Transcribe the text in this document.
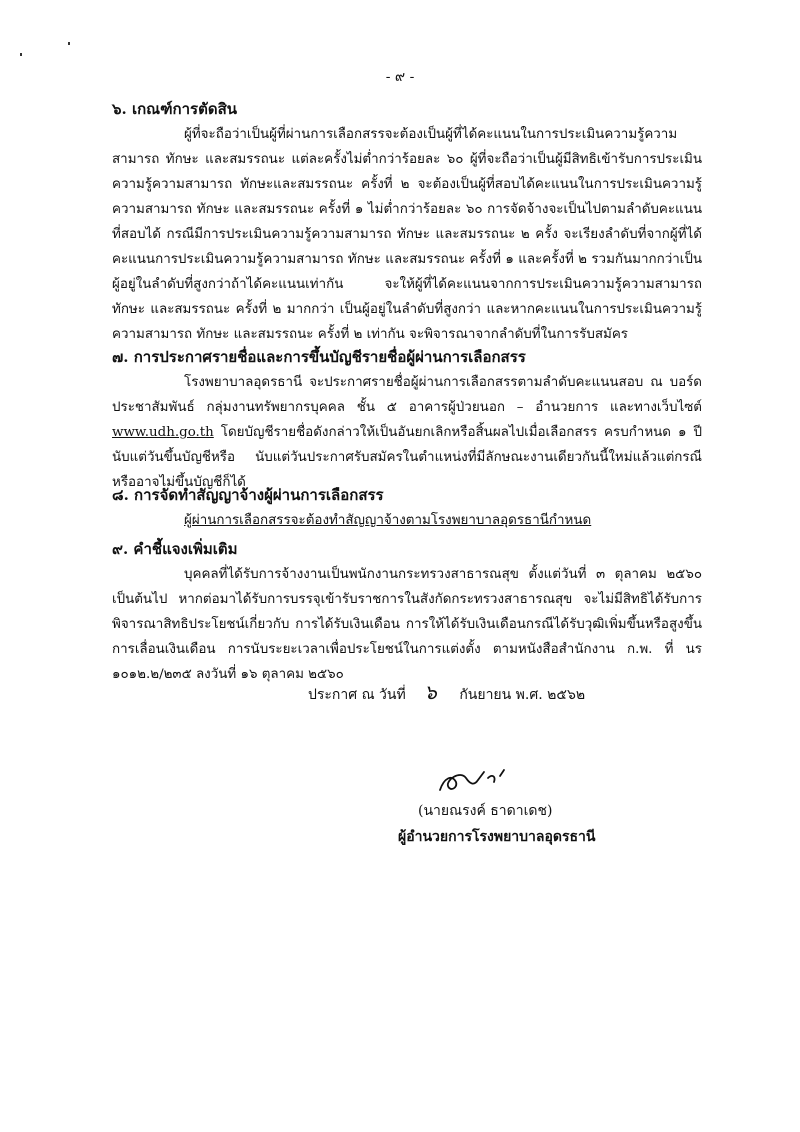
- ๙ -

๖. เกณฑ์การตัดสิน

ผู้ที่จะถือว่าเป็นผู้ที่ผ่านการเลือกสรรจะต้องเป็นผู้ที่ได้คะแนนในการประเมินความรู้ความสามารถ ทักษะ และสมรรถนะ แต่ละครั้งไม่ต่ำกว่าร้อยละ ๖๐ ผู้ที่จะถือว่าเป็นผู้มีสิทธิเข้ารับการประเมินความรู้ความสามารถ ทักษะและสมรรถนะ ครั้งที่ ๒ จะต้องเป็นผู้ที่สอบได้คะแนนในการประเมินความรู้ความสามารถ ทักษะ และสมรรถนะ ครั้งที่ ๑ ไม่ต่ำกว่าร้อยละ ๖๐ การจัดจ้างจะเป็นไปตามลำดับคะแนนที่สอบได้ กรณีมีการประเมินความรู้ความสามารถ ทักษะ และสมรรถนะ ๒ ครั้ง จะเรียงลำดับที่จากผู้ที่ได้คะแนนการประเมินความรู้ความสามารถ ทักษะ และสมรรถนะ ครั้งที่ ๑ และครั้งที่ ๒ รวมกันมากกว่าเป็นผู้อยู่ในลำดับที่สูงกว่าถ้าได้คะแนนเท่ากัน จะให้ผู้ที่ได้คะแนนจากการประเมินความรู้ความสามารถ ทักษะ และสมรรถนะ ครั้งที่ ๒ มากกว่า เป็นผู้อยู่ในลำดับที่สูงกว่า และหากคะแนนในการประเมินความรู้ความสามารถ ทักษะ และสมรรถนะ ครั้งที่ ๒ เท่ากัน จะพิจารณาจากลำดับที่ในการรับสมัคร

๗. การประกาศรายชื่อและการขึ้นบัญชีรายชื่อผู้ผ่านการเลือกสรร

โรงพยาบาลอุดรธานี จะประกาศรายชื่อผู้ผ่านการเลือกสรรตามลำดับคะแนนสอบ ณ บอร์ดประชาสัมพันธ์ กลุ่มงานทรัพยากรบุคคล ชั้น ๕ อาคารผู้ป่วยนอก – อำนวยการ และทางเว็บไซต์ www.udh.go.th โดยบัญชีรายชื่อดังกล่าวให้เป็นอันยกเลิกหรือสิ้นผลไปเมื่อเลือกสรร ครบกำหนด ๑ ปี นับแต่วันขึ้นบัญชีหรือ นับแต่วันประกาศรับสมัครในตำแหน่งที่มีลักษณะงานเดียวกันนี้ใหม่แล้วแต่กรณี หรืออาจไม่ขึ้นบัญชีก็ได้

๘. การจัดทำสัญญาจ้างผู้ผ่านการเลือกสรร

ผู้ผ่านการเลือกสรรจะต้องทำสัญญาจ้างตามโรงพยาบาลอุดรธานีกำหนด

๙. คำชี้แจงเพิ่มเติม

บุคคลที่ได้รับการจ้างงานเป็นพนักงานกระทรวงสาธารณสุข ตั้งแต่วันที่ ๓ ตุลาคม ๒๕๖๐ เป็นต้นไป หากต่อมาได้รับการบรรจุเข้ารับราชการในสังกัดกระทรวงสาธารณสุข จะไม่มีสิทธิได้รับการพิจารณาสิทธิประโยชน์เกี่ยวกับ การได้รับเงินเดือน การให้ได้รับเงินเดือนกรณีได้รับวุฒิเพิ่มขึ้นหรือสูงขึ้น การเลื่อนเงินเดือน การนับระยะเวลาเพื่อประโยชน์ในการแต่งตั้ง ตามหนังสือสำนักงาน ก.พ. ที่ นร ๑๐๑๒.๒/๒๓๕ ลงวันที่ ๑๖ ตุลาคม ๒๕๖๐

ประกาศ ณ วันที่ ๖ กันยายน พ.ศ. ๒๕๖๒
(นายณรงค์ ธาดาเดช)
ผู้อำนวยการโรงพยาบาลอุดรธานี
